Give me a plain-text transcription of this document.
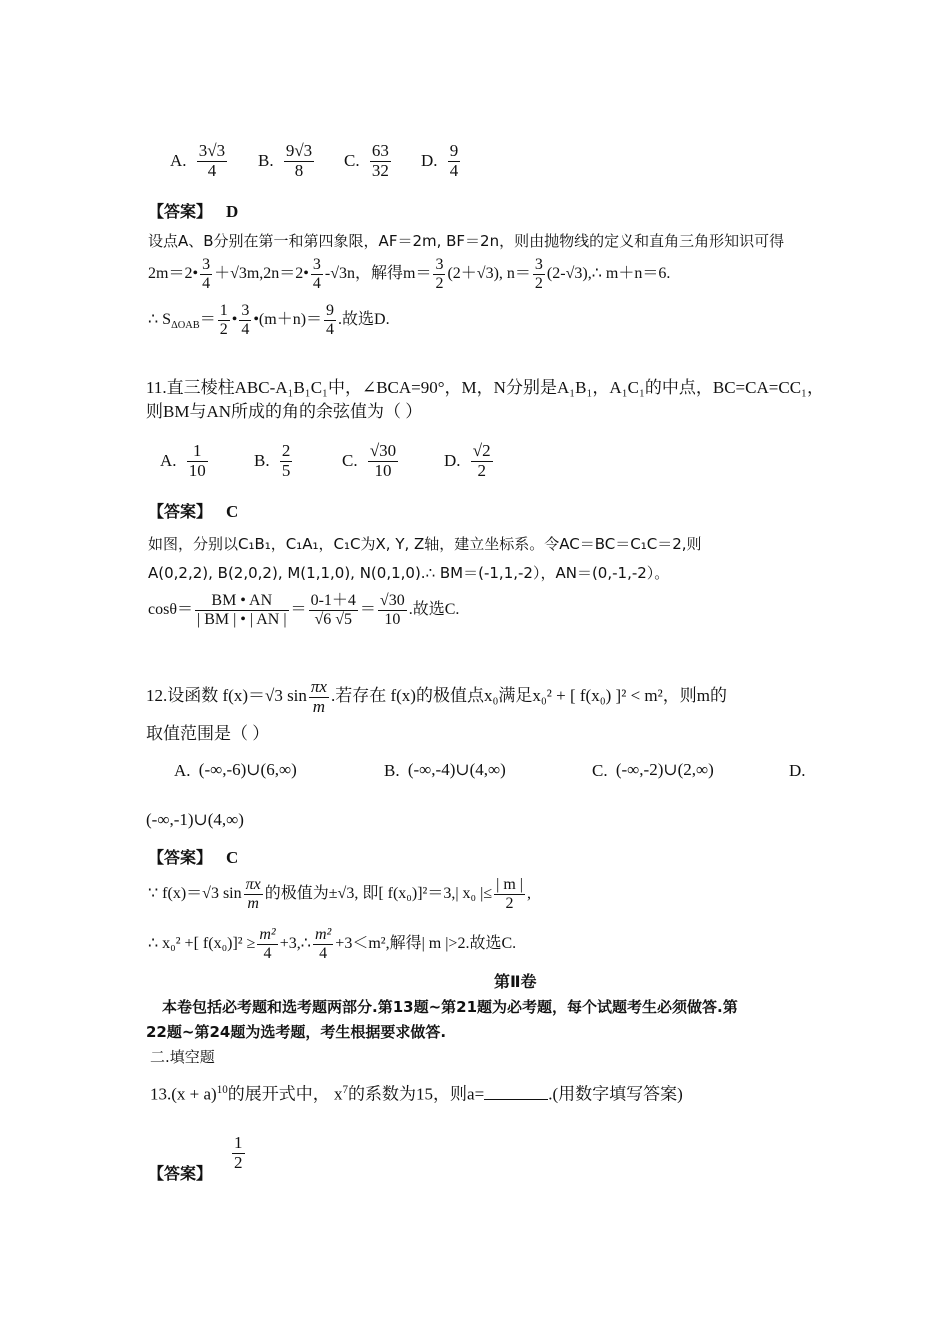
A. $\frac{3√3}{4} B$. $\frac{9√3}{8} C$. $\frac{63}{32} D$. $\frac{9}{4}$
【答案】 D
设点A、B分别在第一和第四象限，AF＝2m, BF＝2n，则由抛物线的定义和直角三角形知识可得
2m＝2• $\frac{3}{4}$ ＋√3m,2n＝2• $\frac{3}{4} -√3n$，解得$m= \frac{3}{2} (2+√3)$, $n= \frac{3}{2}$ (2-√3),∴ m＋n＝6.
∴ $S_{\Delta OAB}= \frac{1}{2}$ • $\frac{3}{4}$ •(m＋n)＝ $\frac{9}{4}$ .故选D.
11.直三棱柱ABC-A₁B₁C₁中，∠BCA=90°，M，N分别是A₁B₁，A₁C₁的中点，BC=CA=CC₁，
则BM与AN所成的角的余弦值为（ ）
A. $\frac{1}{10}$	B. $\frac{2}{5}$	C. $\frac{√30}{10}$	D. $\frac{√2}{2}$
【答案】 C
如图，分别以C₁B₁，C₁A₁，C₁C为X, Y, Z轴，建立坐标系。令AC＝BC＝C₁C＝2,则
A(0,2,2), B(2,0,2), M(1,1,0), N(0,1,0).∴ BM＝(-1,1,-2），AN＝(0,-1,-2）。
$\cos\theta= \frac{BM • AN}{| BM | • | AN |} = \frac{0-1+4}{√6 √5} = \frac{√30}{10}$ .故选C.
12.设函数 f(x)＝√3 $\sin \frac{\pi x}{m}$ .若存在 f(x)的极值点x₀满足x₀² + [ f(x₀) ]² < m²，则m的
取值范围是（ ）
A. (-∞,-6)∪(6,∞)	B. (-∞,-4)∪(4,∞)	C. (-∞,-2)∪(2,∞)	D.
(-∞,-1)∪(4,∞)
【答案】 C
∵ f(x)＝√3 $\sin \frac{\pi x}{m}$ 的极值为±√3, 即[ f(x₀)]²＝3,| x₀ |≤ $\frac{| m |}{2}$ ,
∴ x₀² +[ $f(x_0)]^2 \ge \frac{\text{m²}}{4}$ +3,∴ $\frac{\text{m²}}{4} +3<m^2$,解得| m |>2.故选C.
第Ⅱ卷
本卷包括必考题和选考题两部分.第13题~第21题为必考题，每个试题考生必须做答.第
22题~第24题为选考题，考生根据要求做答.
二.填空题
$13.(x + a)^{10}$的展开式中， $x^7$的系数为15，则a=	.(用数字填写答案)
$\frac{1}{2}$
【答案】
